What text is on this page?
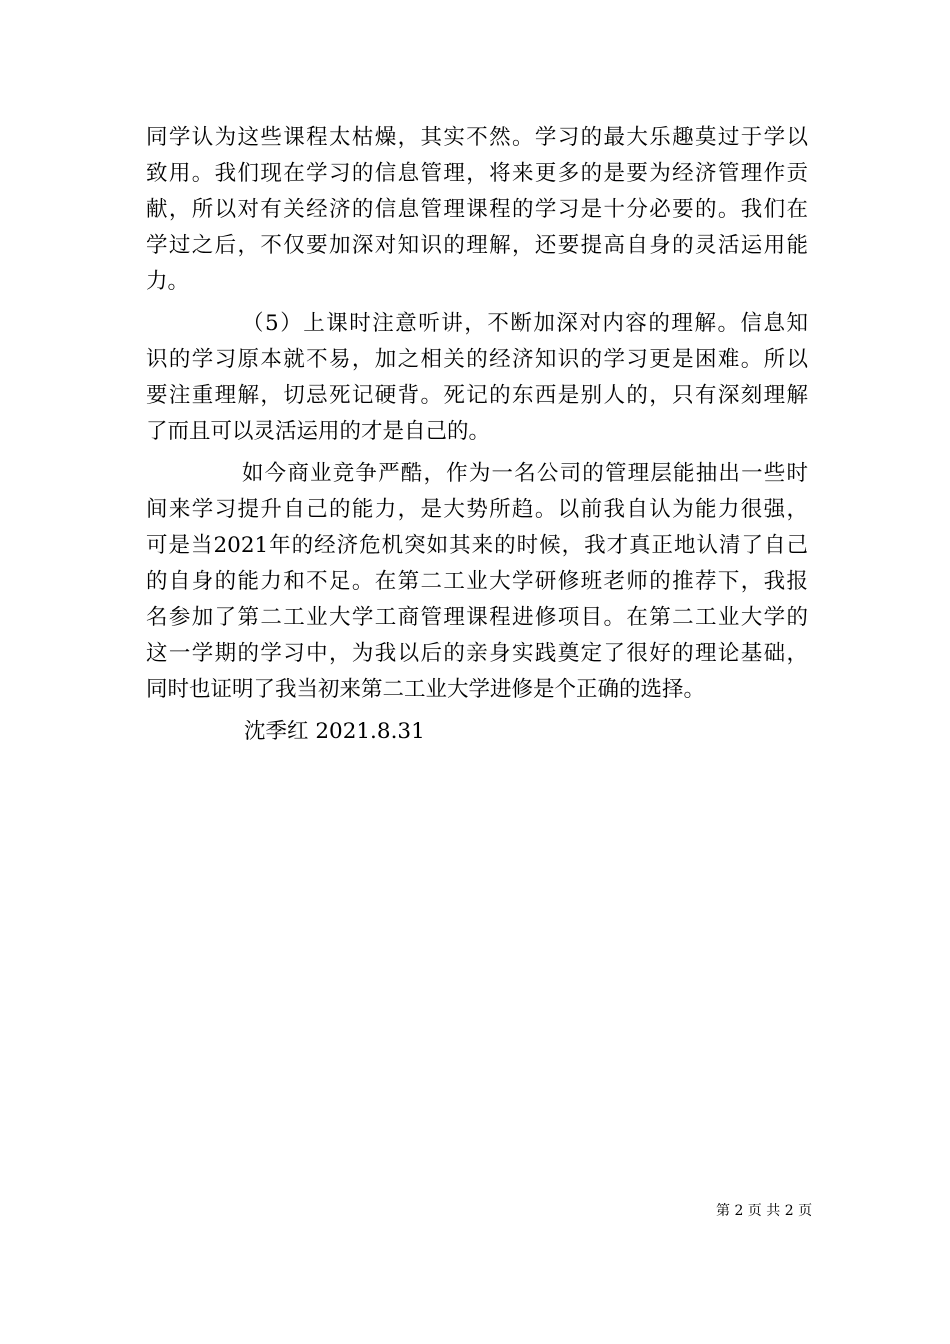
同学认为这些课程太枯燥，其实不然。学习的最大乐趣莫过于学以
致用。我们现在学习的信息管理，将来更多的是要为经济管理作贡
献，所以对有关经济的信息管理课程的学习是十分必要的。我们在
学过之后，不仅要加深对知识的理解，还要提高自身的灵活运用能
力。
（5）上课时注意听讲，不断加深对内容的理解。信息知
识的学习原本就不易，加之相关的经济知识的学习更是困难。所以
要注重理解，切忌死记硬背。死记的东西是别人的，只有深刻理解
了而且可以灵活运用的才是自己的。
如今商业竞争严酷，作为一名公司的管理层能抽出一些时
间来学习提升自己的能力，是大势所趋。以前我自认为能力很强，
可是当2021年的经济危机突如其来的时候，我才真正地认清了自己
的自身的能力和不足。在第二工业大学研修班老师的推荐下，我报
名参加了第二工业大学工商管理课程进修项目。在第二工业大学的
这一学期的学习中，为我以后的亲身实践奠定了很好的理论基础，
同时也证明了我当初来第二工业大学进修是个正确的选择。
沈季红 2021.8.31
第 2 页 共 2 页
